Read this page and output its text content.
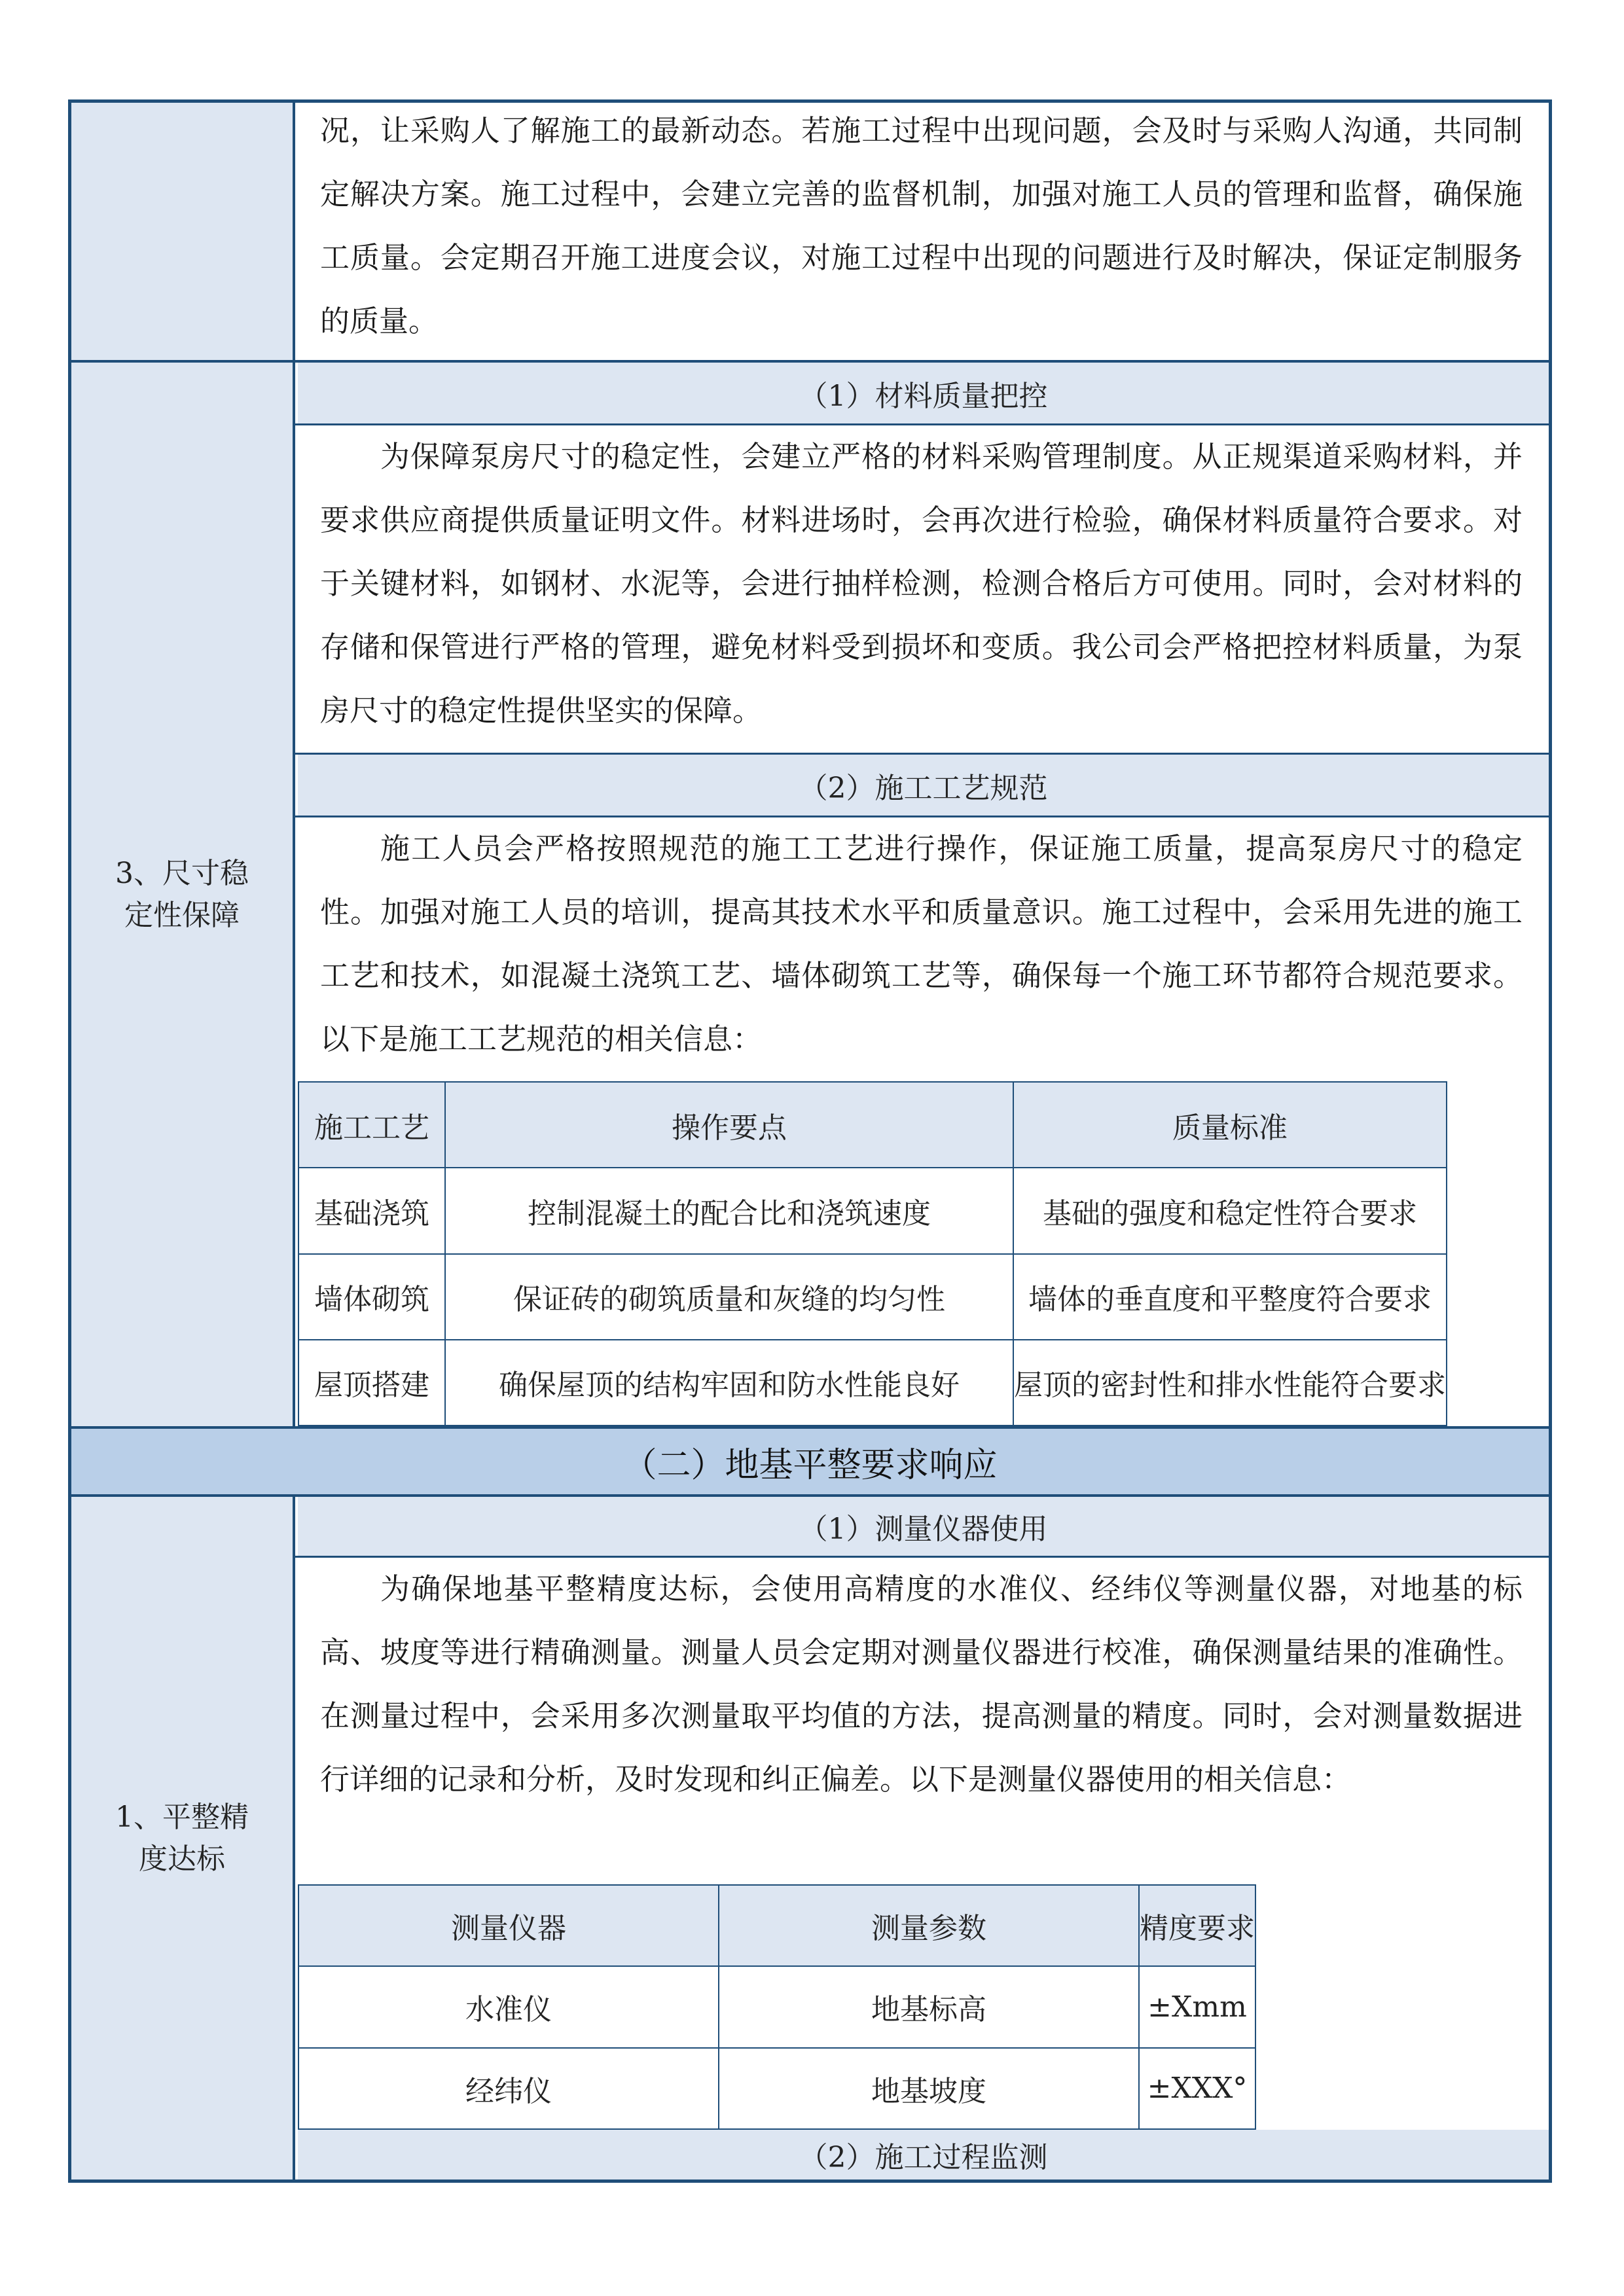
况，让采购人了解施工的最新动态。若施工过程中出现问题，会及时与采购人沟通，共同制定解决方案。施工过程中，会建立完善的监督机制，加强对施工人员的管理和监督，确保施工质量。会定期召开施工进度会议，对施工过程中出现的问题进行及时解决，保证定制服务的质量。
3、尺寸稳
定性保障
（1）材料质量把控
为保障泵房尺寸的稳定性，会建立严格的材料采购管理制度。从正规渠道采购材料，并要求供应商提供质量证明文件。材料进场时，会再次进行检验，确保材料质量符合要求。对于关键材料，如钢材、水泥等，会进行抽样检测，检测合格后方可使用。同时，会对材料的存储和保管进行严格的管理，避免材料受到损坏和变质。我公司会严格把控材料质量，为泵房尺寸的稳定性提供坚实的保障。
（2）施工工艺规范
施工人员会严格按照规范的施工工艺进行操作，保证施工质量，提高泵房尺寸的稳定性。加强对施工人员的培训，提高其技术水平和质量意识。施工过程中，会采用先进的施工工艺和技术，如混凝土浇筑工艺、墙体砌筑工艺等，确保每一个施工环节都符合规范要求。以下是施工工艺规范的相关信息：
施工工艺	操作要点	质量标准
基础浇筑	控制混凝土的配合比和浇筑速度	基础的强度和稳定性符合要求
墙体砌筑	保证砖的砌筑质量和灰缝的均匀性	墙体的垂直度和平整度符合要求
屋顶搭建	确保屋顶的结构牢固和防水性能良好	屋顶的密封性和排水性能符合要求
（二）地基平整要求响应
1、平整精
度达标
（1）测量仪器使用
为确保地基平整精度达标，会使用高精度的水准仪、经纬仪等测量仪器，对地基的标高、坡度等进行精确测量。测量人员会定期对测量仪器进行校准，确保测量结果的准确性。在测量过程中，会采用多次测量取平均值的方法，提高测量的精度。同时，会对测量数据进行详细的记录和分析，及时发现和纠正偏差。以下是测量仪器使用的相关信息：
测量仪器	测量参数	精度要求
水准仪	地基标高	±Xmm
经纬仪	地基坡度	±XXX°
（2）施工过程监测
